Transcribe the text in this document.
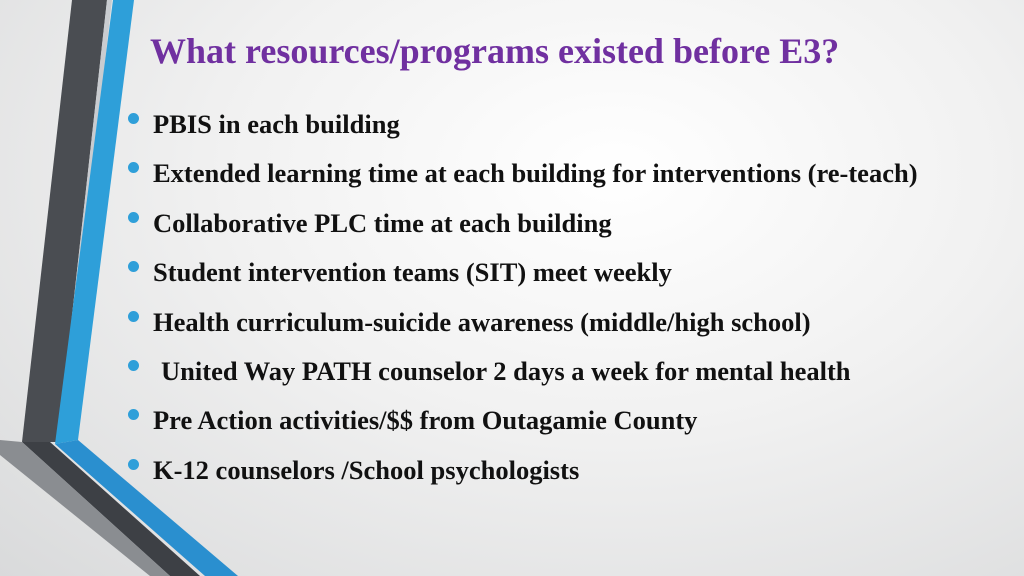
What resources/programs existed before E3?
PBIS in each building
Extended learning time at each building for interventions (re-teach)
Collaborative PLC time at each building
Student intervention teams (SIT) meet weekly
Health curriculum-suicide awareness (middle/high school)
United Way PATH counselor 2 days a week for mental health
Pre Action activities/$$ from Outagamie County
K-12 counselors /School psychologists
